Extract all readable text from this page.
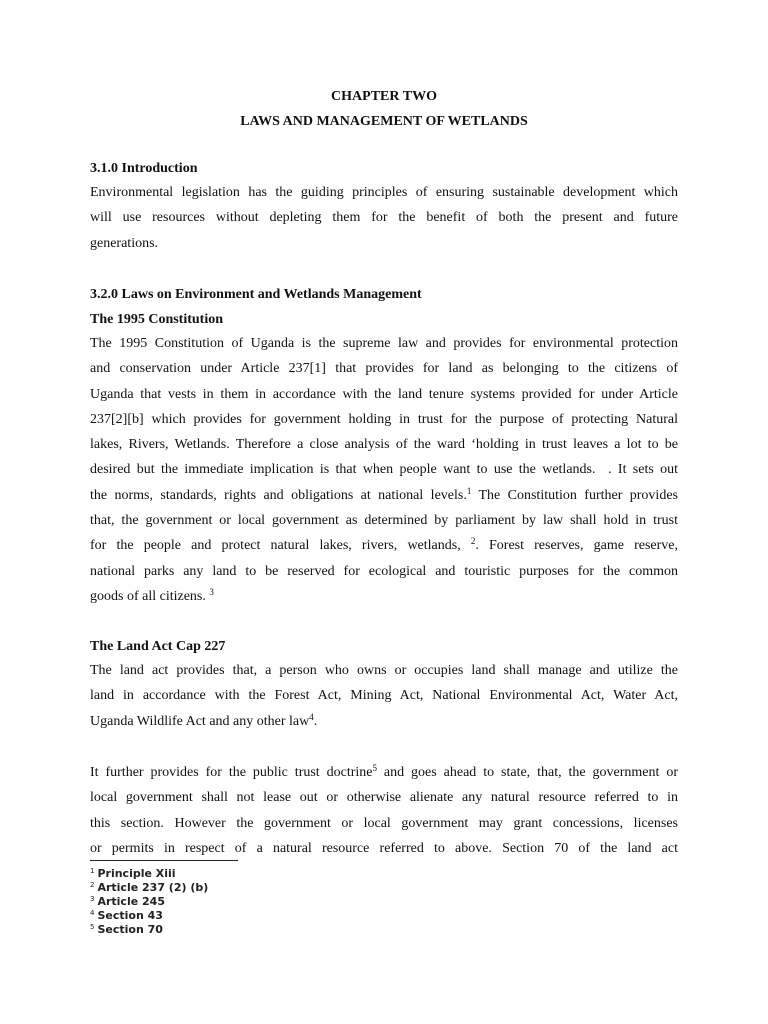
CHAPTER TWO
LAWS AND MANAGEMENT OF WETLANDS
3.1.0 Introduction
Environmental legislation has the guiding principles of ensuring sustainable development which
will use resources without depleting them for the benefit of both the present and future
generations.
3.2.0 Laws on Environment and Wetlands Management
The 1995 Constitution
The 1995 Constitution of Uganda is the supreme law and provides for environmental protection
and conservation under Article 237[1] that provides for land as belonging to the citizens of
Uganda that vests in them in accordance with the land tenure systems provided for under Article
237[2][b] which provides for government holding in trust for the purpose of protecting Natural
lakes, Rivers, Wetlands. Therefore a close analysis of the ward ‘holding in trust leaves a lot to be
desired but the immediate implication is that when people want to use the wetlands.  . It sets out
the norms, standards, rights and obligations at national levels.$^1$ The Constitution further provides
that, the government or local government as determined by parliament by law shall hold in trust
for the people and protect natural lakes, rivers, wetlands, $^2$. Forest reserves, game reserve,
national parks any land to be reserved for ecological and touristic purposes for the common
goods of all citizens. $^3$
The Land Act Cap 227
The land act provides that, a person who owns or occupies land shall manage and utilize the
land in accordance with the Forest Act, Mining Act, National Environmental Act, Water Act,
Uganda Wildlife Act and any other law$^4$.
It further provides for the public trust doctrine$^5$ and goes ahead to state, that, the government or
local government shall not lease out or otherwise alienate any natural resource referred to in
this section. However the government or local government may grant concessions, licenses
or permits in respect of a natural resource referred to above. Section 70 of the land act
$^1$ Principle Xiii
$^2$ Article 237 (2) (b)
$^3$ Article 245
$^4$ Section 43
$^5$ Section 70
